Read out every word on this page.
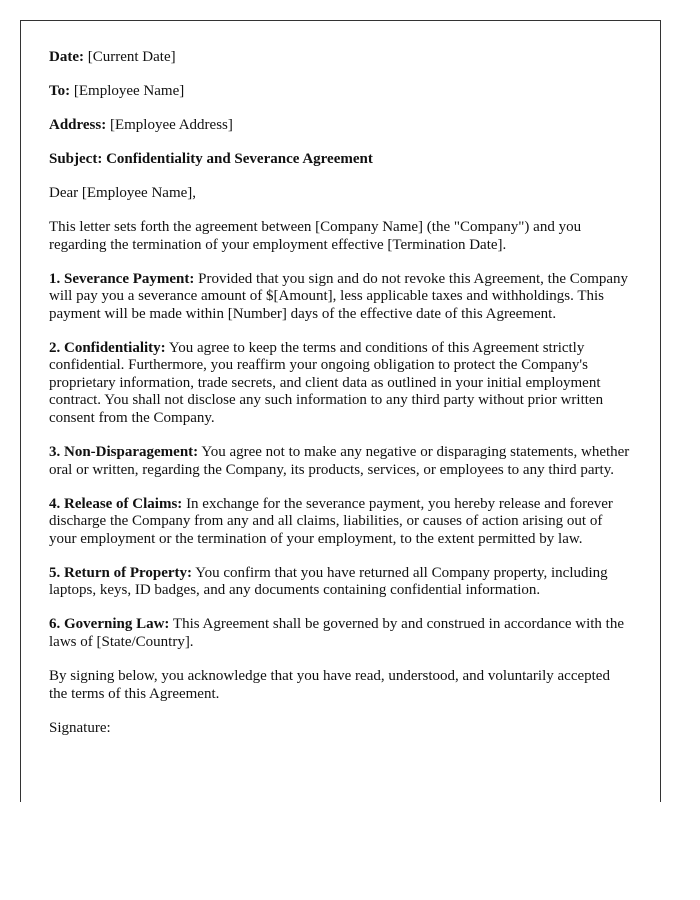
Date: [Current Date]

To: [Employee Name]

Address: [Employee Address]

Subject: Confidentiality and Severance Agreement

Dear [Employee Name],

This letter sets forth the agreement between [Company Name] (the "Company") and you regarding the termination of your employment effective [Termination Date].

1. Severance Payment: Provided that you sign and do not revoke this Agreement, the Company will pay you a severance amount of $[Amount], less applicable taxes and withholdings. This payment will be made within [Number] days of the effective date of this Agreement.

2. Confidentiality: You agree to keep the terms and conditions of this Agreement strictly confidential. Furthermore, you reaffirm your ongoing obligation to protect the Company's proprietary information, trade secrets, and client data as outlined in your initial employment contract. You shall not disclose any such information to any third party without prior written consent from the Company.

3. Non-Disparagement: You agree not to make any negative or disparaging statements, whether oral or written, regarding the Company, its products, services, or employees to any third party.

4. Release of Claims: In exchange for the severance payment, you hereby release and forever discharge the Company from any and all claims, liabilities, or causes of action arising out of your employment or the termination of your employment, to the extent permitted by law.

5. Return of Property: You confirm that you have returned all Company property, including laptops, keys, ID badges, and any documents containing confidential information.

6. Governing Law: This Agreement shall be governed by and construed in accordance with the laws of [State/Country].

By signing below, you acknowledge that you have read, understood, and voluntarily accepted the terms of this Agreement.

Signature:
